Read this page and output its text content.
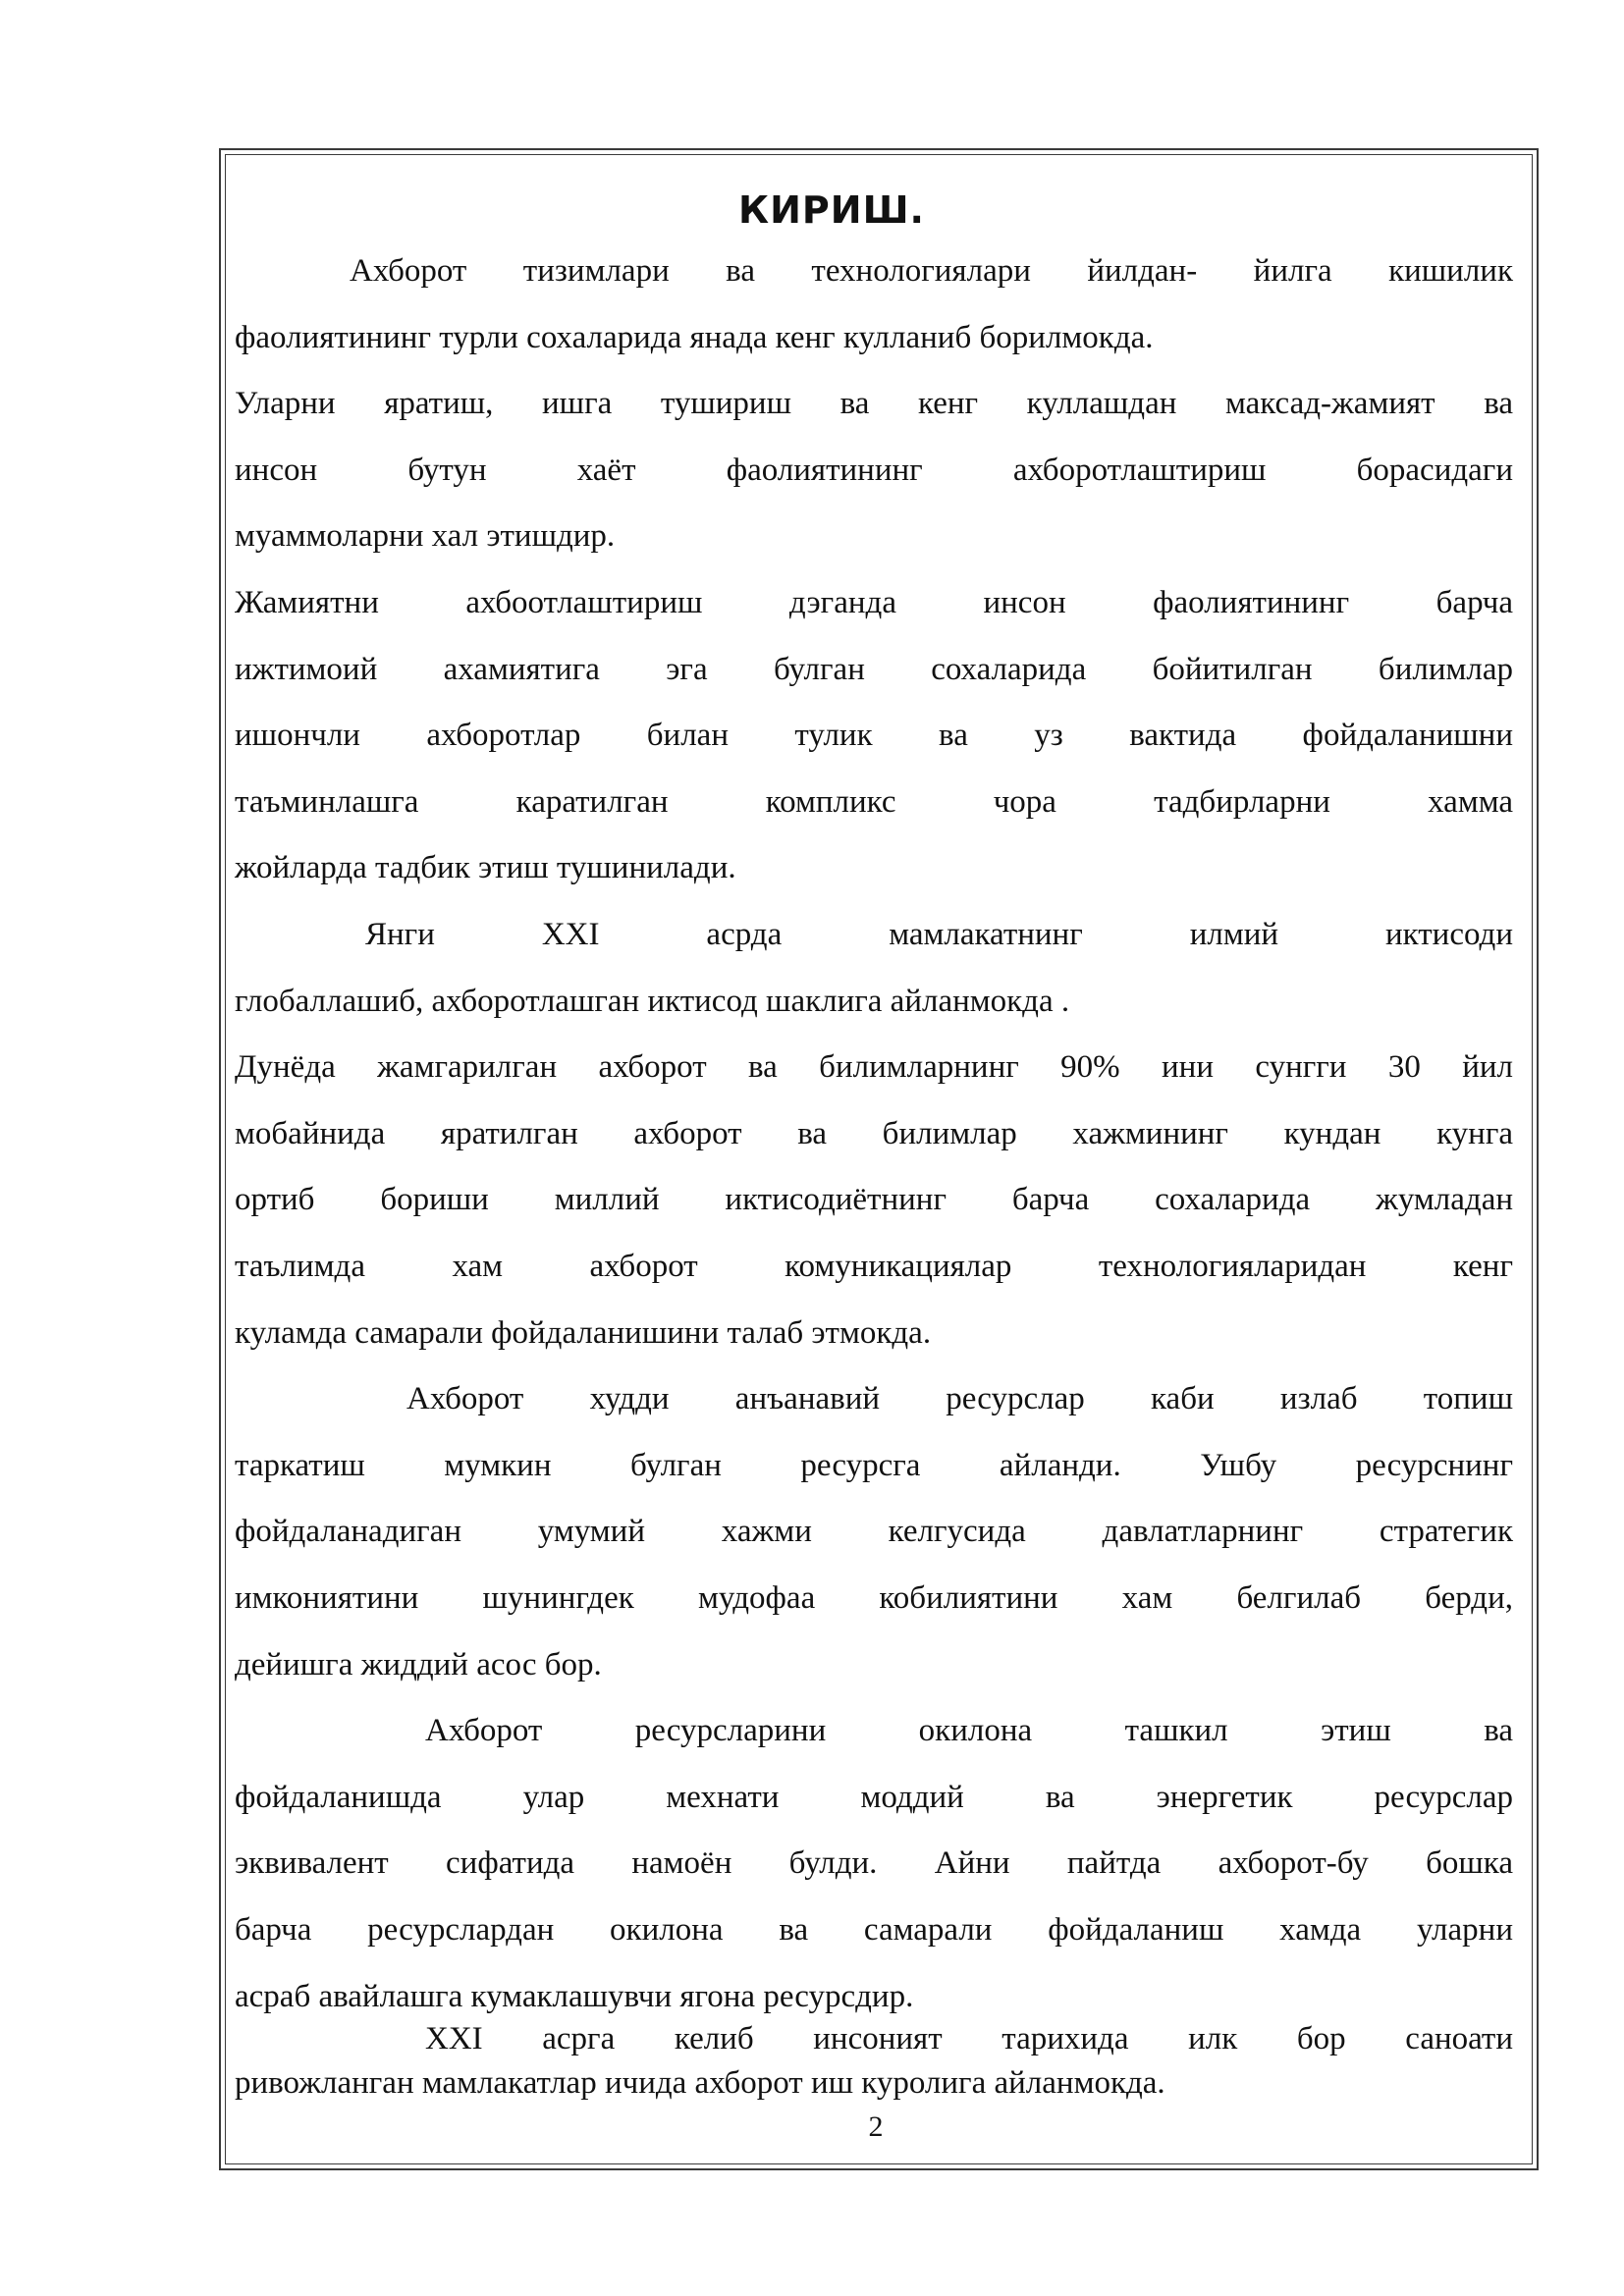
КИРИШ.
Ахборот тизимлари ва технологиялари йилдан- йилга кишилик
фаолиятининг турли сохаларида янада кенг кулланиб борилмокда.
Уларни яратиш, ишга тушириш ва кенг куллашдан максад-жамият ва
инсон бутун хаёт фаолиятининг ахборотлаштириш борасидаги
муаммоларни хал этишдир.
Жамиятни ахбоотлаштириш дэганда инсон фаолиятининг барча
ижтимоий ахамиятига эга булган сохаларида бойитилган билимлар
ишончли ахборотлар билан тулик ва уз вактида фойдаланишни
таъминлашга каратилган компликс чора тадбирларни хамма
жойларда тадбик этиш тушинилади.
Янги XXI асрда мамлакатнинг илмий иктисоди
глобаллашиб, ахборотлашган иктисод шаклига айланмокда .
Дунёда жамгарилган ахборот ва билимларнинг 90% ини сунгги 30 йил
мобайнида яратилган ахборот ва билимлар хажмининг кундан кунга
ортиб бориши миллий иктисодиётнинг барча сохаларида жумладан
таълимда хам ахборот комуникациялар технологияларидан кенг
куламда самарали фойдаланишини талаб этмокда.
Ахборот худди анъанавий ресурслар каби излаб топиш
таркатиш мумкин булган ресурсга айланди. Ушбу ресурснинг
фойдаланадиган умумий хажми келгусида давлатларнинг стратегик
имкониятини шунингдек мудофаа кобилиятини хам белгилаб берди,
дейишга жиддий асос бор.
Ахборот ресурсларини окилона ташкил этиш ва
фойдаланишда улар мехнати моддий ва энергетик ресурслар
эквивалент сифатида намоён булди. Айни пайтда ахборот-бу бошка
барча ресурслардан окилона ва самарали фойдаланиш хамда уларни
асраб авайлашга кумаклашувчи ягона ресурсдир.
XXI асрга келиб инсоният тарихида илк бор саноати
ривожланган мамлакатлар ичида ахборот иш куролига айланмокда.
2
